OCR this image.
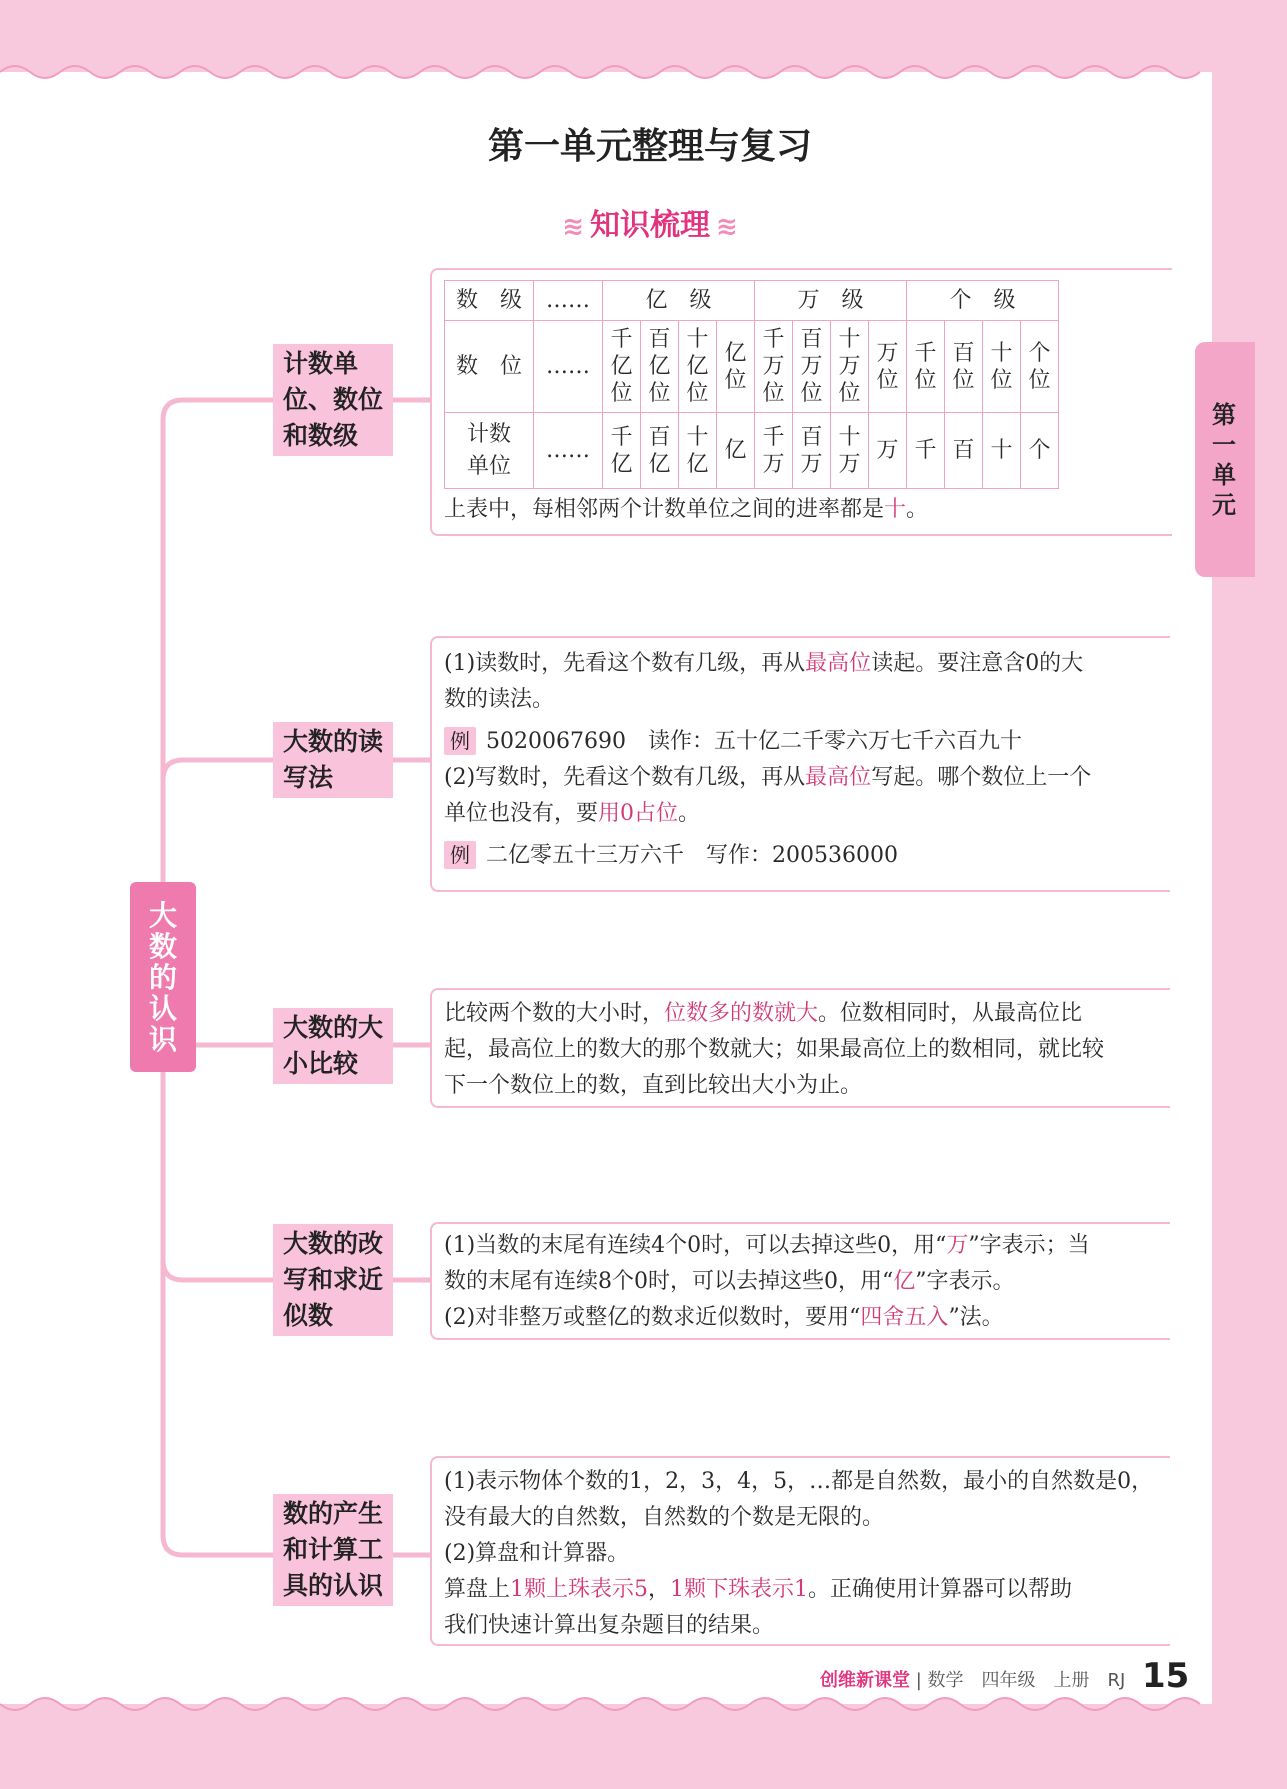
第一单元整理与复习
≋ 知识梳理 ≋
第一单元
大数的认识
计数单位、数位和数级
数　级	……	亿　级				万　级				个　级			
数　位	……	千亿位	百亿位	十亿位	亿位	千万位	百万位	十万位	万位	千位	百位	十位	个位

计数单位	……	千亿	百亿	十亿	亿	千万	百万	十万	万	千	百	十	个

上表中，每相邻两个计数单位之间的进率都是十。

大数的读写法

(1)读数时，先看这个数有几级，再从最高位读起。要注意含0的大

数的读法。

例 5020067690　读作：五十亿二千零六万七千六百九十

(2)写数时，先看这个数有几级，再从最高位写起。哪个数位上一个

单位也没有，要用0占位。

例 二亿零五十三万六千　写作：200536000

大数的大小比较

比较两个数的大小时，位数多的数就大。位数相同时，从最高位比

起，最高位上的数大的那个数就大；如果最高位上的数相同，就比较

下一个数位上的数，直到比较出大小为止。

大数的改写和求近似数

(1)当数的末尾有连续4个0时，可以去掉这些0，用“万”字表示；当

数的末尾有连续8个0时，可以去掉这些0，用“亿”字表示。

(2)对非整万或整亿的数求近似数时，要用“四舍五入”法。

数的产生和计算工具的认识

(1)表示物体个数的1，2，3，4，5，…都是自然数，最小的自然数是0，

没有最大的自然数，自然数的个数是无限的。

(2)算盘和计算器。

算盘上1颗上珠表示5，1颗下珠表示1。正确使用计算器可以帮助

我们快速计算出复杂题目的结果。

创维新课堂 | 数学　四年级　上册　RJ 15
